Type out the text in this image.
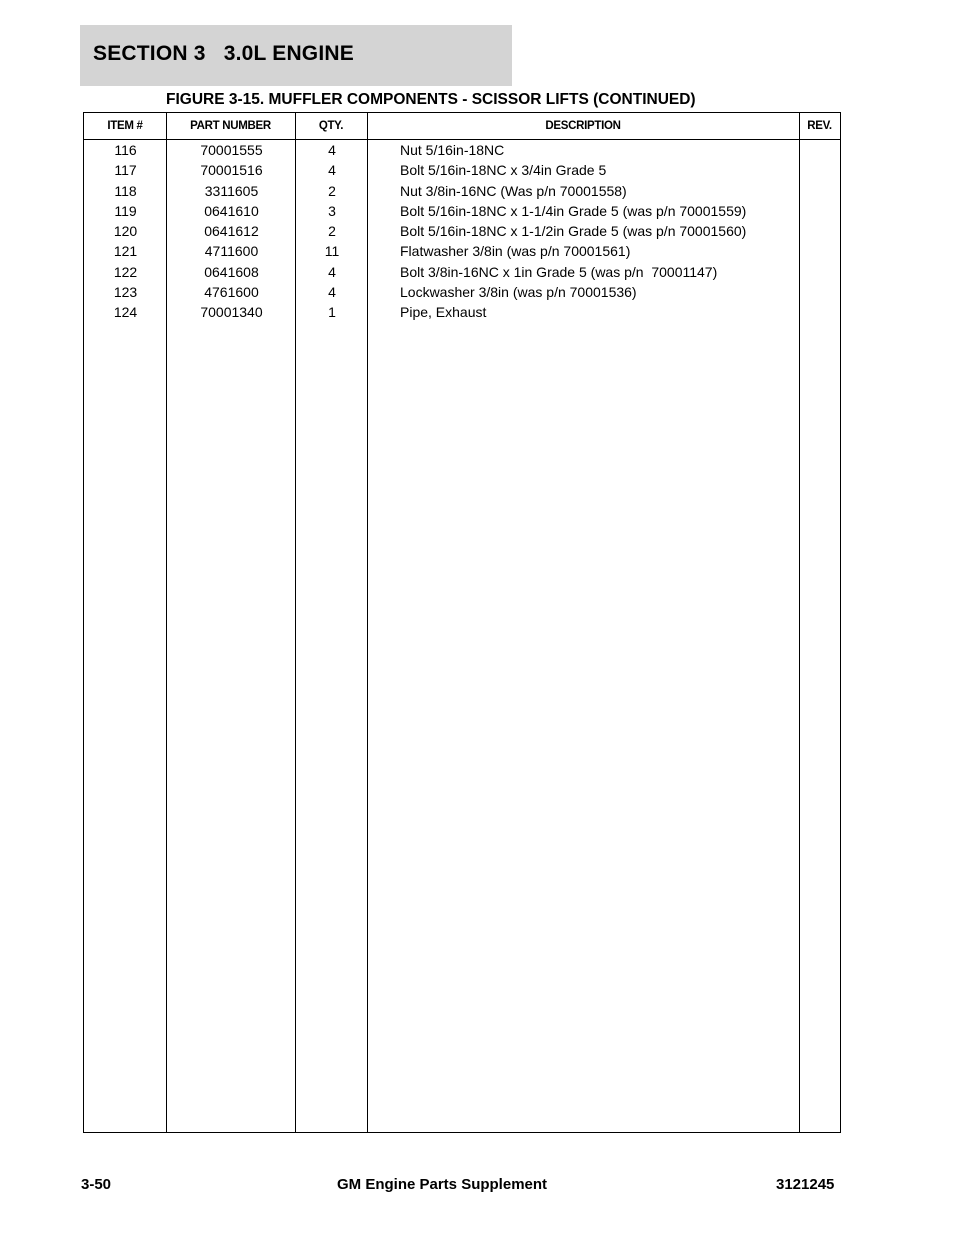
SECTION 3   3.0L ENGINE
FIGURE 3-15. MUFFLER COMPONENTS - SCISSOR LIFTS (CONTINUED)
ITEM #	PART NUMBER	QTY.	DESCRIPTION	REV.
116	70001555	4	Nut 5/16in-18NC
117	70001516	4	Bolt 5/16in-18NC x 3/4in Grade 5
118	3311605	2	Nut 3/8in-16NC (Was p/n 70001558)
119	0641610	3	Bolt 5/16in-18NC x 1-1/4in Grade 5 (was p/n 70001559)
120	0641612	2	Bolt 5/16in-18NC x 1-1/2in Grade 5 (was p/n 70001560)
121	4711600	11	Flatwasher 3/8in (was p/n 70001561)
122	0641608	4	Bolt 3/8in-16NC x 1in Grade 5 (was p/n  70001147)
123	4761600	4	Lockwasher 3/8in (was p/n 70001536)
124	70001340	1	Pipe, Exhaust
3-50	GM Engine Parts Supplement	3121245
